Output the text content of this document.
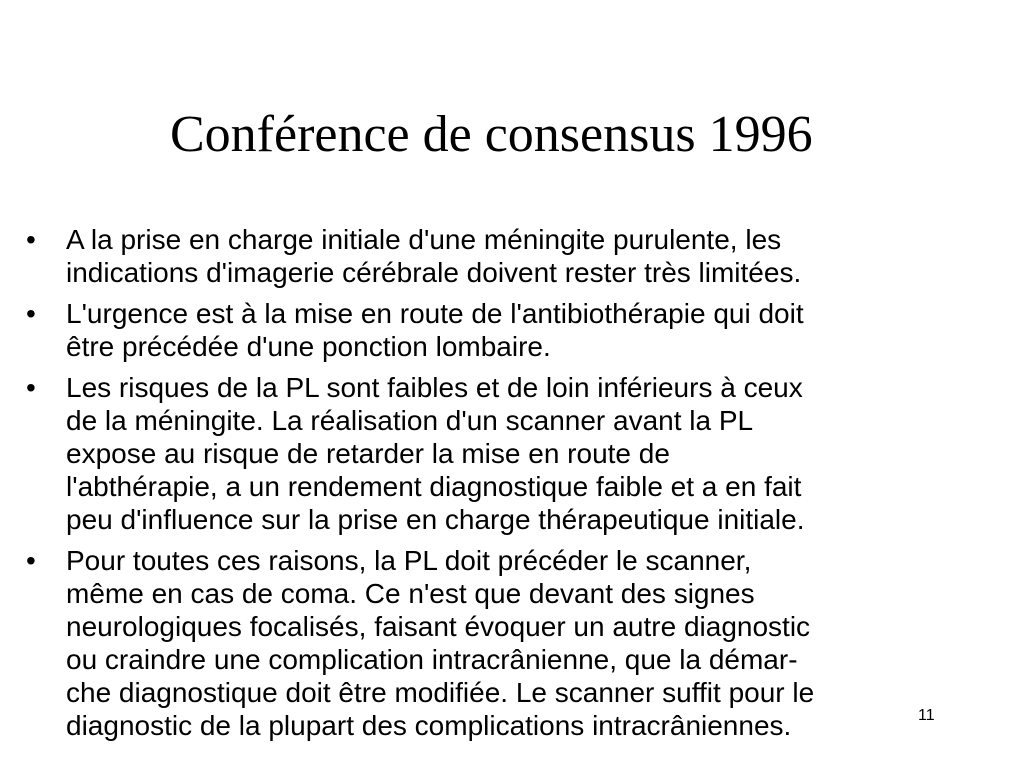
Conférence de consensus 1996
• A la prise en charge initiale d'une méningite purulente, les
indications d'imagerie cérébrale doivent rester très limitées.
• L'urgence est à la mise en route de l'antibiothérapie qui doit
être précédée d'une ponction lombaire.
• Les risques de la PL sont faibles et de loin inférieurs à ceux
de la méningite. La réalisation d'un scanner avant la PL
expose au risque de retarder la mise en route de
l'abthérapie, a un rendement diagnostique faible et a en fait
peu d'influence sur la prise en charge thérapeutique initiale.
• Pour toutes ces raisons, la PL doit précéder le scanner,
même en cas de coma. Ce n'est que devant des signes
neurologiques focalisés, faisant évoquer un autre diagnostic
ou craindre une complication intracrânienne, que la démar-
che diagnostique doit être modifiée. Le scanner suffit pour le
diagnostic de la plupart des complications intracrâniennes.	11
